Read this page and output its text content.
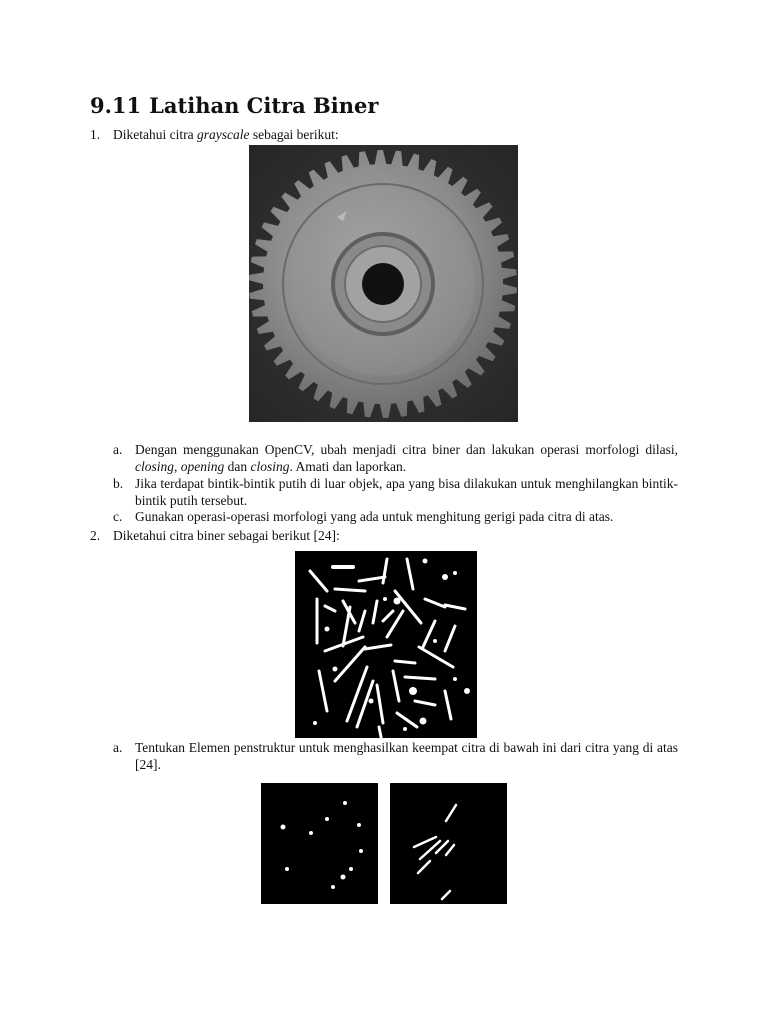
9.11 Latihan Citra Biner
1. Diketahui citra grayscale sebagai berikut:

a. Dengan menggunakan OpenCV, ubah menjadi citra biner dan lakukan operasi morfologi dilasi, closing, opening dan closing. Amati dan laporkan.

b. Jika terdapat bintik-bintik putih di luar objek, apa yang bisa dilakukan untuk menghilangkan bintik-bintik putih tersebut.

c. Gunakan operasi-operasi morfologi yang ada untuk menghitung gerigi pada citra di atas.

2. Diketahui citra biner sebagai berikut [24]:

a. Tentukan Elemen penstruktur untuk menghasilkan keempat citra di bawah ini dari citra yang di atas [24].
